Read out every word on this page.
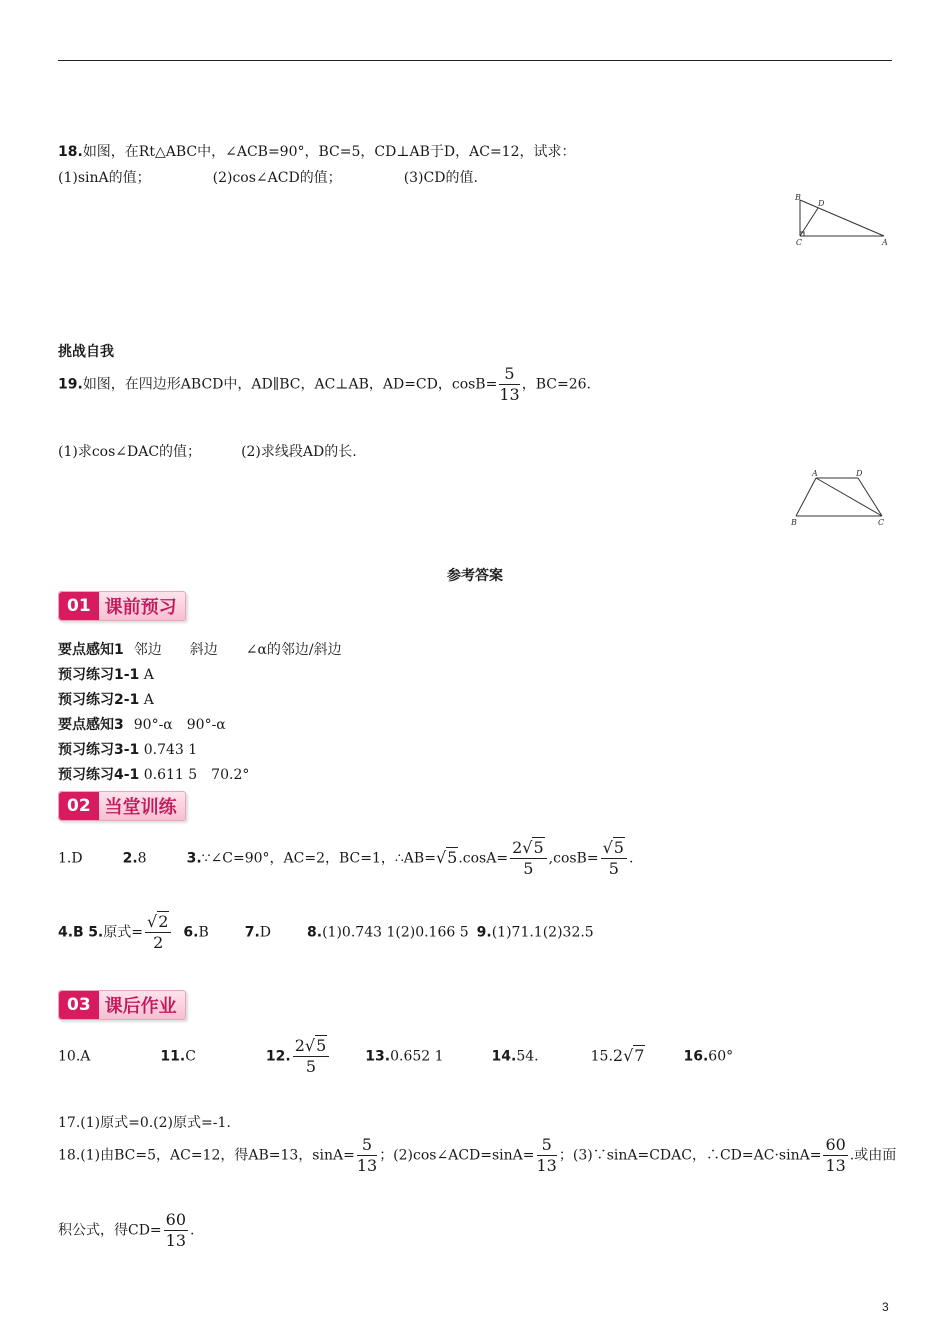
18.如图，在Rt△ABC中，∠ACB=90°，BC=5，CD⊥AB于D，AC=12，试求：
(1)sinA的值；	(2)cos∠ACD的值；	(3)CD的值.
B
D
C	A
挑战自我
19.如图，在四边形ABCD中，AD∥BC，AC⊥AB，AD=CD，$\cos B= \frac{5}{13}$ ，BC=26.
(1)求cos∠DAC的值；	(2)求线段AD的长.
A	D
B	C
参考答案
01 课前预习
要点感知1 邻边　　斜边　　∠α的邻边/斜边
预习练习1-1 A
预习练习2-1 A
要点感知3 90°-α　90°-α
预习练习3-1 0.743 1
预习练习4-1 0.611 5　70.2°
02 当堂训练
1.D	2.8	3.∵∠C=90°，AC=2，BC=1，∴AB=√5.cosA= $\frac{2√5}{5} ,\cos B= \frac{√5}{5}$ .
4.B 5.原式= $\frac{√2}{2} 6.B$	7.D	8.(1)0.743 1(2)0.166 5 9.(1)71.1(2)32.5
03 课后作业
10.A	11.C	12. $\frac{2√5}{5}$	13.0.652 1	14.54.	15.2√7	16.60°
17.(1)原式=0.(2)原式=-1.
18.(1)由BC=5，AC=12，得AB=13，$\sin A= \frac{5}{13}$ ；(2)cos∠ACD=sinA= $\frac{5}{13}$ ；(3)∵sinA=CDAC，∴CD=AC·sinA= $\frac{60}{13}$ .或由面
积公式，得$CD= \frac{60}{13}$ .
3
